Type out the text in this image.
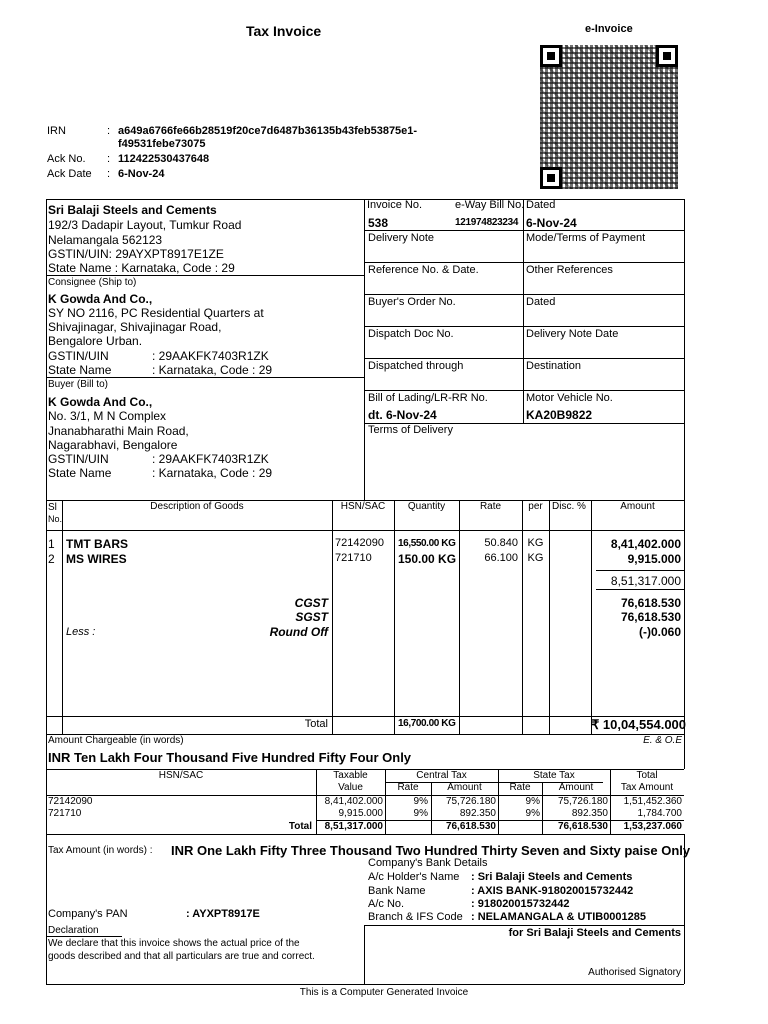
Tax Invoice	e-Invoice
IRN	: a649a6766fe66b28519f20ce7d6487b36135b43feb53875e1-
f49531febe73075
Ack No. : 112422530437648
Ack Date : 6-Nov-24
Sri Balaji Steels and Cements
192/3 Dadapir Layout, Tumkur Road
Nelamangala 562123
GSTIN/UIN: 29AYXPT8917E1ZE
State Name : Karnataka, Code : 29
Consignee (Ship to)
K Gowda And Co.,
SY NO 2116, PC Residential Quarters at
Shivajinagar, Shivajinagar Road,
Bengalore Urban.
GSTIN/UIN	: 29AAKFK7403R1ZK
State Name	: Karnataka, Code : 29
Buyer (Bill to)
K Gowda And Co.,
No. 3/1, M N Complex
Jnanabharathi Main Road,
Nagarabhavi, Bengalore
GSTIN/UIN	: 29AAKFK7403R1ZK
State Name	: Karnataka, Code : 29
Invoice No.	e-Way Bill No. Dated
538	121974823234 6-Nov-24
Delivery Note	Mode/Terms of Payment
Reference No. & Date.	Other References
Buyer's Order No.	Dated
Dispatch Doc No.	Delivery Note Date
Dispatched through	Destination
Bill of Lading/LR-RR No.	Motor Vehicle No.
dt. 6-Nov-24	KA20B9822
Terms of Delivery
Sl
No.
Description of Goods	HSN/SAC	Quantity	Rate	per Disc. %	Amount
1 TMT BARS	72142090 16,550.00 KG	50.840 KG	8,41,402.000
2 MS WIRES	721710 150.00 KG	66.100 KG	9,915.000
8,51,317.000
CGST	76,618.530
SGST	76,618.530
Less :	Round Off	(-)0.060
Total	16,700.00 KG	₹ 10,04,554.000
Amount Chargeable (in words)	E. & O.E
INR Ten Lakh Four Thousand Five Hundred Fifty Four Only
HSN/SAC	Taxable
Value
Central Tax	State Tax	Total
Rate	Amount	Rate	Amount	Tax Amount
72142090	8,41,402.000	9%	75,726.180	9%	75,726.180	1,51,452.360
721710	9,915.000	9%	892.350	9%	892.350	1,784.700
Total	8,51,317.000	76,618.530	76,618.530	1,53,237.060
Tax Amount (in words) : INR One Lakh Fifty Three Thousand Two Hundred Thirty Seven and Sixty paise Only
Company's Bank Details
A/c Holder's Name : Sri Balaji Steels and Cements
Bank Name	: AXIS BANK-918020015732442
A/c No.	: 918020015732442
Branch & IFS Code : NELAMANGALA & UTIB0001285
Company's PAN	: AYXPT8917E
Declaration
We declare that this invoice shows the actual price of the
goods described and that all particulars are true and correct.
for Sri Balaji Steels and Cements
Authorised Signatory
This is a Computer Generated Invoice
